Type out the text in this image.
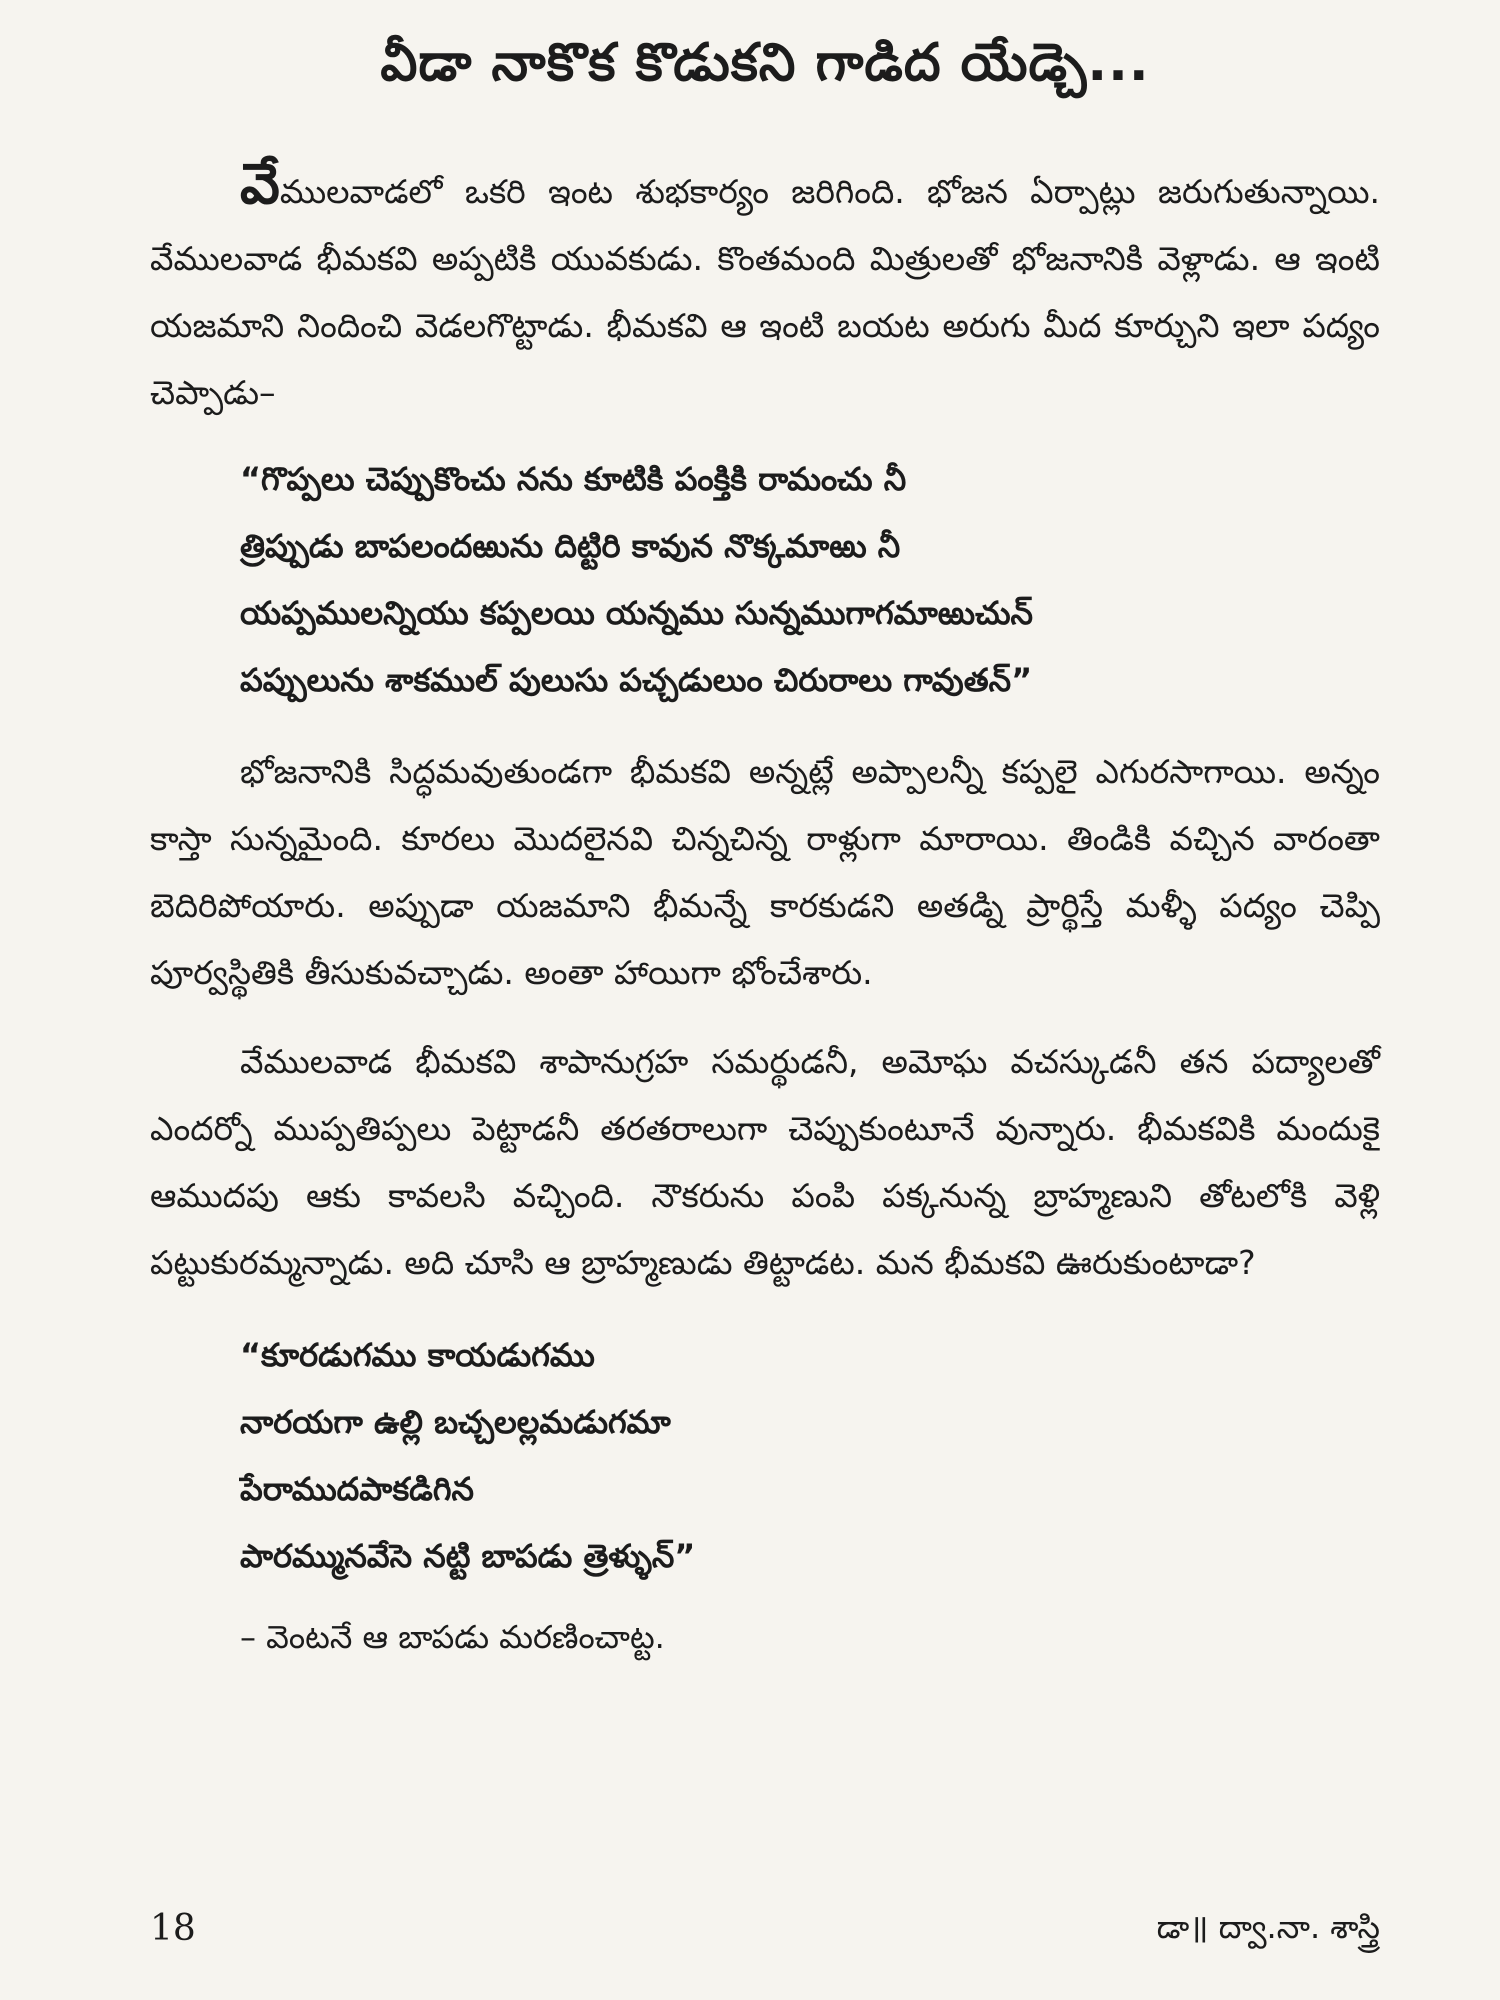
వీడా నాకొక కొడుకని గాడిద యేడ్చె...

వేములవాడలో ఒకరి ఇంట శుభకార్యం జరిగింది. భోజన ఏర్పాట్లు జరుగుతున్నాయి. వేములవాడ భీమకవి అప్పటికి యువకుడు. కొంతమంది మిత్రులతో భోజనానికి వెళ్లాడు. ఆ ఇంటి యజమాని నిందించి వెడలగొట్టాడు. భీమకవి ఆ ఇంటి బయట అరుగు మీద కూర్చుని ఇలా పద్యం చెప్పాడు–

“గొప్పలు చెప్పుకొంచు నను కూటికి పంక్తికి రామంచు నీ
త్రిప్పుడు బాపలందఱును దిట్టిరి కావున నొక్కమాఱు నీ
యప్పములన్నియు కప్పలయి యన్నము సున్నముగాగమాఱుచున్
పప్పులును శాకముల్ పులుసు పచ్చడులుం చిరురాలు గావుతన్”

భోజనానికి సిద్ధమవుతుండగా భీమకవి అన్నట్లే అప్పాలన్నీ కప్పలై ఎగురసాగాయి. అన్నం కాస్తా సున్నమైంది. కూరలు మొదలైనవి చిన్నచిన్న రాళ్లుగా మారాయి. తిండికి వచ్చిన వారంతా బెదిరిపోయారు. అప్పుడా యజమాని భీమన్నే కారకుడని అతడ్ని ప్రార్థిస్తే మళ్ళీ పద్యం చెప్పి పూర్వస్థితికి తీసుకువచ్చాడు. అంతా హాయిగా భోంచేశారు.

వేములవాడ భీమకవి శాపానుగ్రహ సమర్థుడనీ, అమోఘ వచస్కుడనీ తన పద్యాలతో ఎందర్నో ముప్పతిప్పలు పెట్టాడనీ తరతరాలుగా చెప్పుకుంటూనే వున్నారు. భీమకవికి మందుకై ఆముదపు ఆకు కావలసి వచ్చింది. నౌకరును పంపి పక్కనున్న బ్రాహ్మణుని తోటలోకి వెళ్లి పట్టుకురమ్మన్నాడు. అది చూసి ఆ బ్రాహ్మణుడు తిట్టాడట. మన భీమకవి ఊరుకుంటాడా?

“కూరడుగము కాయడుగము
నారయగా ఉల్లి బచ్చలల్లమడుగమా
పేరాముదపాకడిగిన
పారమ్మునవేసె నట్టి బాపడు త్రెళ్ళున్”

– వెంటనే ఆ బాపడు మరణించాట్ట.

18	డా॥ ద్వా.నా. శాస్త్రి
